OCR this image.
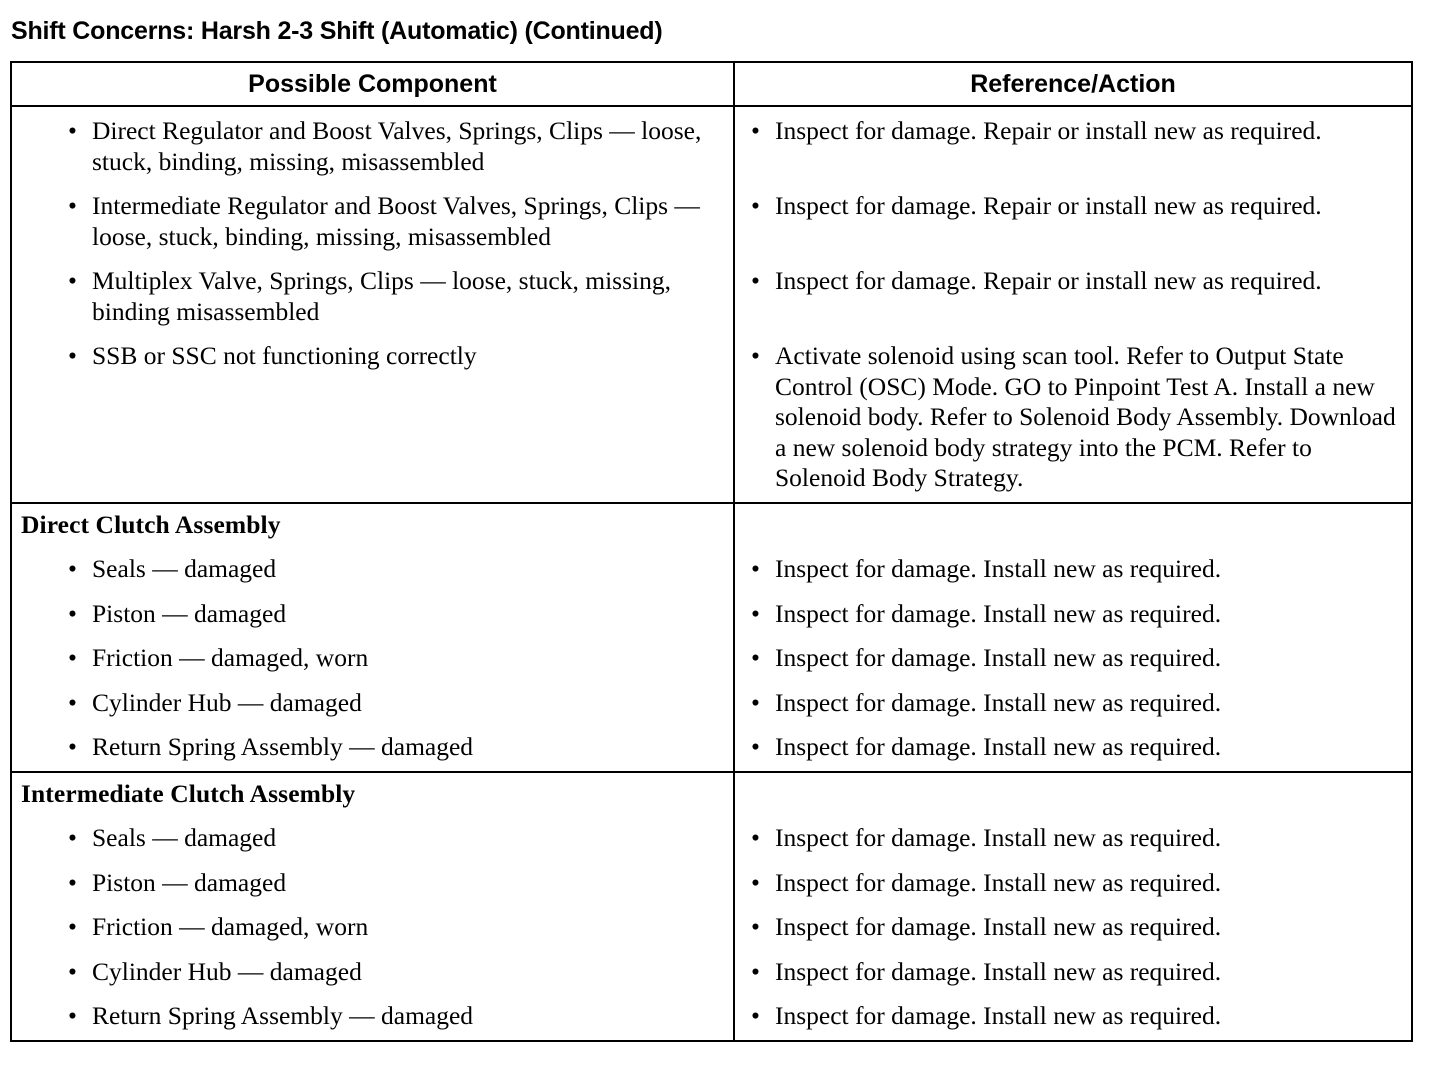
Shift Concerns: Harsh 2-3 Shift (Automatic) (Continued)
Possible Component	Reference/Action

• Direct Regulator and Boost Valves, Springs, Clips — loose, stuck, binding, missing, misassembled	• Inspect for damage. Repair or install new as required.

• Intermediate Regulator and Boost Valves, Springs, Clips — loose, stuck, binding, missing, misassembled	• Inspect for damage. Repair or install new as required.

• Multiplex Valve, Springs, Clips — loose, stuck, missing, binding misassembled	• Inspect for damage. Repair or install new as required.

• SSB or SSC not functioning correctly	• Activate solenoid using scan tool. Refer to Output State Control (OSC) Mode. GO to Pinpoint Test A. Install a new solenoid body. Refer to Solenoid Body Assembly. Download a new solenoid body strategy into the PCM. Refer to Solenoid Body Strategy.

Direct Clutch Assembly	

• Seals — damaged	• Inspect for damage. Install new as required.

• Piston — damaged	• Inspect for damage. Install new as required.

• Friction — damaged, worn	• Inspect for damage. Install new as required.

• Cylinder Hub — damaged	• Inspect for damage. Install new as required.

• Return Spring Assembly — damaged	• Inspect for damage. Install new as required.

Intermediate Clutch Assembly	

• Seals — damaged	• Inspect for damage. Install new as required.

• Piston — damaged	• Inspect for damage. Install new as required.

• Friction — damaged, worn	• Inspect for damage. Install new as required.

• Cylinder Hub — damaged	• Inspect for damage. Install new as required.

• Return Spring Assembly — damaged	• Inspect for damage. Install new as required.
